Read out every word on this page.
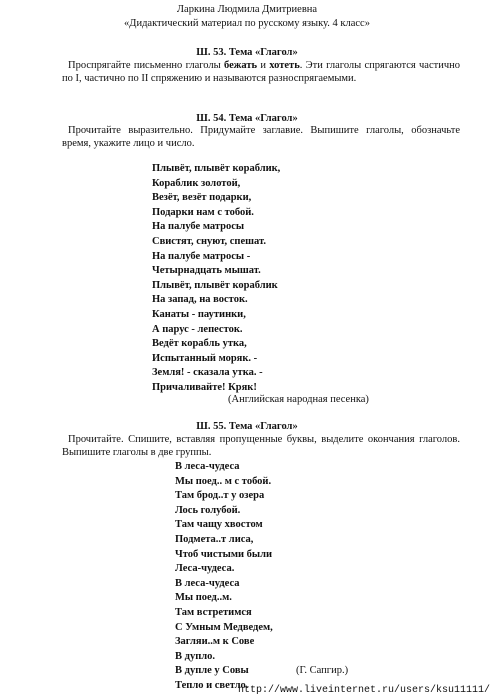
Ларкина Людмила Дмитриевна
«Дидактический материал по русскому языку. 4 класс»
Ш. 53. Тема «Глагол»
Проспрягайте письменно глаголы бежать и хотеть. Эти глаголы спрягаются частично по I, частично по II спряжению и называются разноспрягаемыми.
Ш. 54. Тема «Глагол»
Прочитайте выразительно. Придумайте заглавие. Выпишите глаголы, обозначьте время, укажите лицо и число.
Плывёт, плывёт кораблик,
Кораблик золотой,
Везёт, везёт подарки,
Подарки нам с тобой.
На палубе матросы
Свистят, снуют, спешат.
На палубе матросы -
Четырнадцать мышат.
Плывёт, плывёт кораблик
На запад, на восток.
Канаты - паутинки,
А парус - лепесток.
Ведёт корабль утка,
Испытанный моряк. -
Земля! - сказала утка. -
Причаливайте! Кряк!
(Английская народная песенка)
Ш. 55. Тема «Глагол»
Прочитайте. Спишите, вставляя пропущенные буквы, выделите окончания глаголов. Выпишите глаголы в две группы.
В леса-чудеса
Мы поед.. м с тобой.
Там брод..т у озера
Лось голубой.
Там чащу хвостом
Подмета..т лиса,
Чтоб чистыми были
Леса-чудеса.
В леса-чудеса
Мы поед..м.
Там встретимся
С Умным Медведем,
Загляи..м к Сове
В дупло.
В дупле у Совы
Тепло и светло.
(Г. Сапгир.)
http://www.liveinternet.ru/users/ksu11111/
